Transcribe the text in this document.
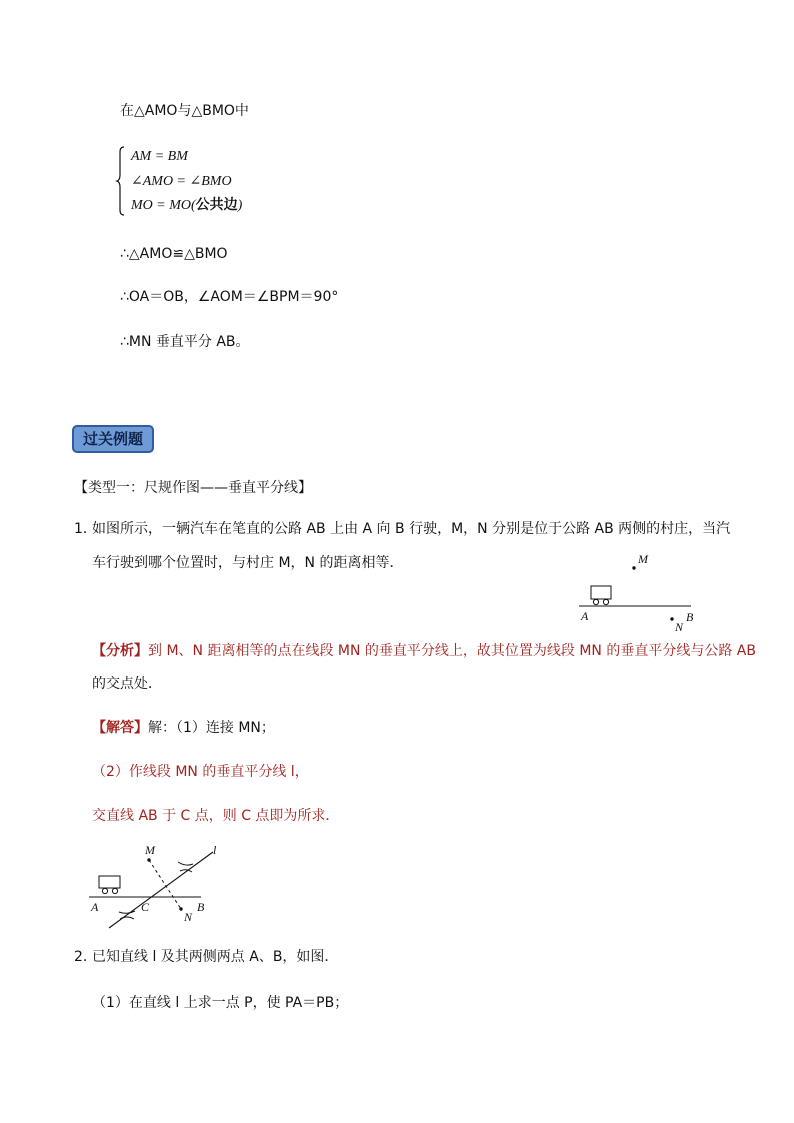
在△AMO与△BMO中
AM = BM
∠AMO = ∠BMO
MO = MO(公共边)
∴△AMO≌△BMO
∴OA＝OB，∠AOM＝∠BPM＝90°
∴MN 垂直平分 AB。
过关例题
【类型一：尺规作图——垂直平分线】
1．
如图所示，一辆汽车在笔直的公路 AB 上由 A 向 B 行驶，M，N 分别是位于公路 AB 两侧的村庄，当汽
车行驶到哪个位置时，与村庄 M，N 的距离相等．	M
A	B
N
【分析】到 M、N 距离相等的点在线段 MN 的垂直平分线上，故其位置为线段 MN 的垂直平分线与公路 AB
的交点处．
【解答】解：（1）连接 MN；
（2）作线段 MN 的垂直平分线 l，
交直线 AB 于 C 点，则 C 点即为所求．
M
N
A	B
l
C
2．
已知直线 l 及其两侧两点 A、B，如图．
（1）在直线 l 上求一点 P，使 PA＝PB；
